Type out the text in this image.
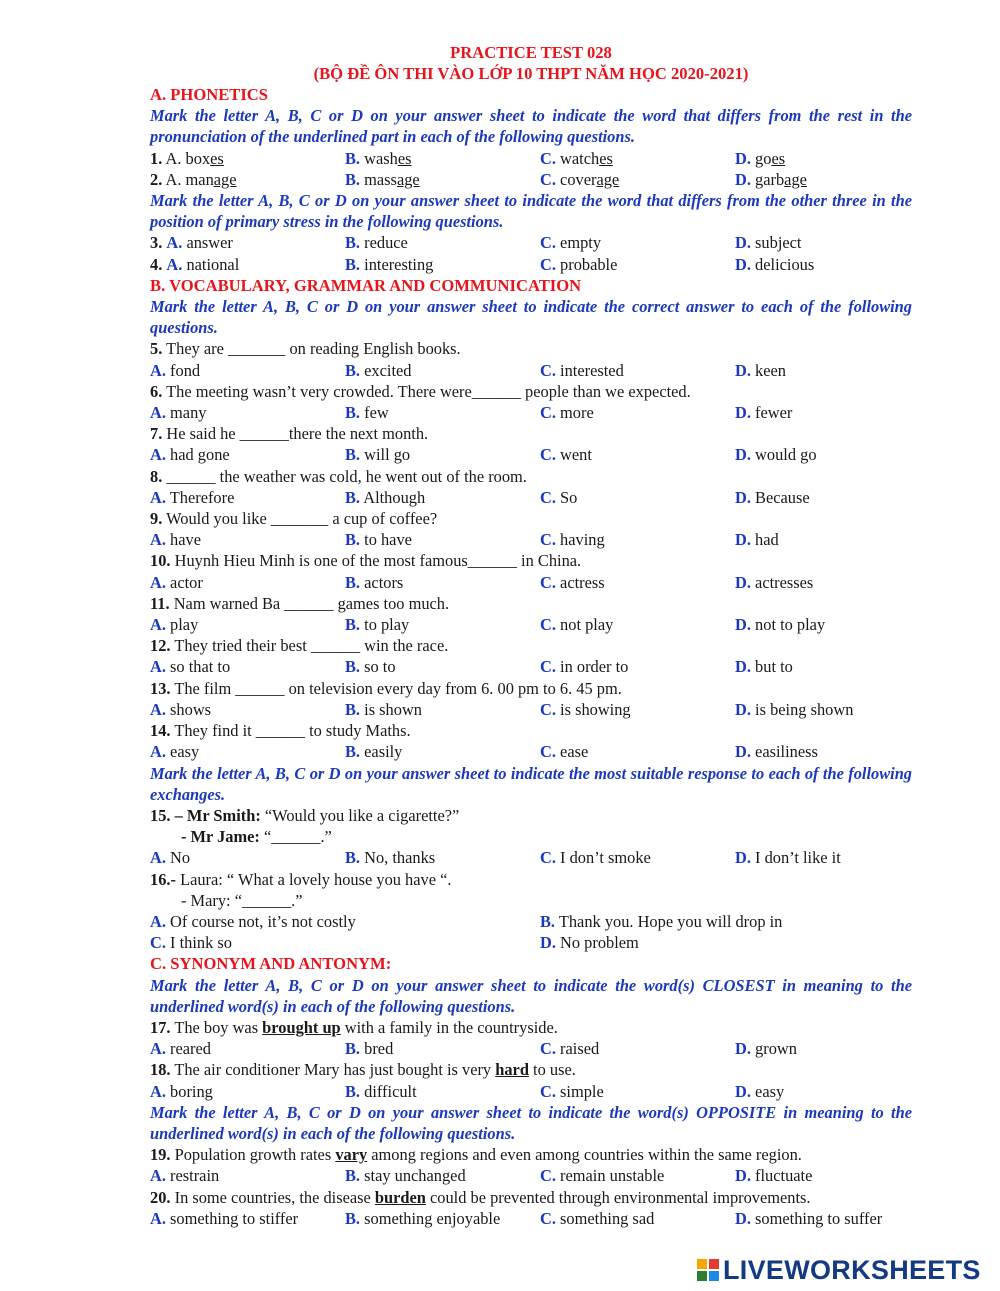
PRACTICE TEST 028
(BỘ ĐỀ ÔN THI VÀO LỚP 10 THPT NĂM HỌC 2020-2021)
A. PHONETICS
Mark the letter A, B, C or D on your answer sheet to indicate the word that differs from the rest in the pronunciation of the underlined part in each of the following questions.
1. A. boxes	B. washes	C. watches	D. goes
2. A. manage	B. massage	C. coverage	D. garbage
Mark the letter A, B, C or D on your answer sheet to indicate the word that differs from the other three in the position of primary stress in the following questions.
3. A. answer	B. reduce	C. empty	D. subject
4. A. national	B. interesting	C. probable	D. delicious
B. VOCABULARY, GRAMMAR AND COMMUNICATION
Mark the letter A, B, C or D on your answer sheet to indicate the correct answer to each of the following questions.
5. They are _______ on reading English books.
A. fond	B. excited	C. interested	D. keen
6. The meeting wasn’t very crowded. There were______ people than we expected.
A. many	B. few	C. more	D. fewer
7. He said he ______there the next month.
A. had gone	B. will go	C. went	D. would go
8. ______ the weather was cold, he went out of the room.
A. Therefore	B. Although	C. So	D. Because
9. Would you like _______ a cup of coffee?
A. have	B. to have	C. having	D. had
10. Huynh Hieu Minh is one of the most famous______ in China.
A. actor	B. actors	C. actress	D. actresses
11. Nam warned Ba ______ games too much.
A. play	B. to play	C. not play	D. not to play
12. They tried their best ______ win the race.
A. so that to	B. so to	C. in order to	D. but to
13. The film ______ on television every day from 6. 00 pm to 6. 45 pm.
A. shows	B. is shown	C. is showing	D. is being shown
14. They find it ______ to study Maths.
A. easy	B. easily	C. ease	D. easiliness
Mark the letter A, B, C or D on your answer sheet to indicate the most suitable response to each of the following exchanges.
15. – Mr Smith: “Would you like a cigarette?”
- Mr Jame: “______.”
A. No	B. No, thanks	C. I don’t smoke	D. I don’t like it
16.- Laura: “ What a lovely house you have “.
- Mary: “______.”
A. Of course not, it’s not costly	B. Thank you. Hope you will drop in
C. I think so	D. No problem
C. SYNONYM AND ANTONYM:
Mark the letter A, B, C or D on your answer sheet to indicate the word(s) CLOSEST in meaning to the underlined word(s) in each of the following questions.
17. The boy was brought up with a family in the countryside.
A. reared	B. bred	C. raised	D. grown
18. The air conditioner Mary has just bought is very hard to use.
A. boring	B. difficult	C. simple	D. easy
Mark the letter A, B, C or D on your answer sheet to indicate the word(s) OPPOSITE in meaning to the underlined word(s) in each of the following questions.
19. Population growth rates vary among regions and even among countries within the same region.
A. restrain	B. stay unchanged	C. remain unstable	D. fluctuate
20. In some countries, the disease burden could be prevented through environmental improvements.
A. something to stiffer	B. something enjoyable	C. something sad	D. something to suffer
LIVEWORKSHEETS
